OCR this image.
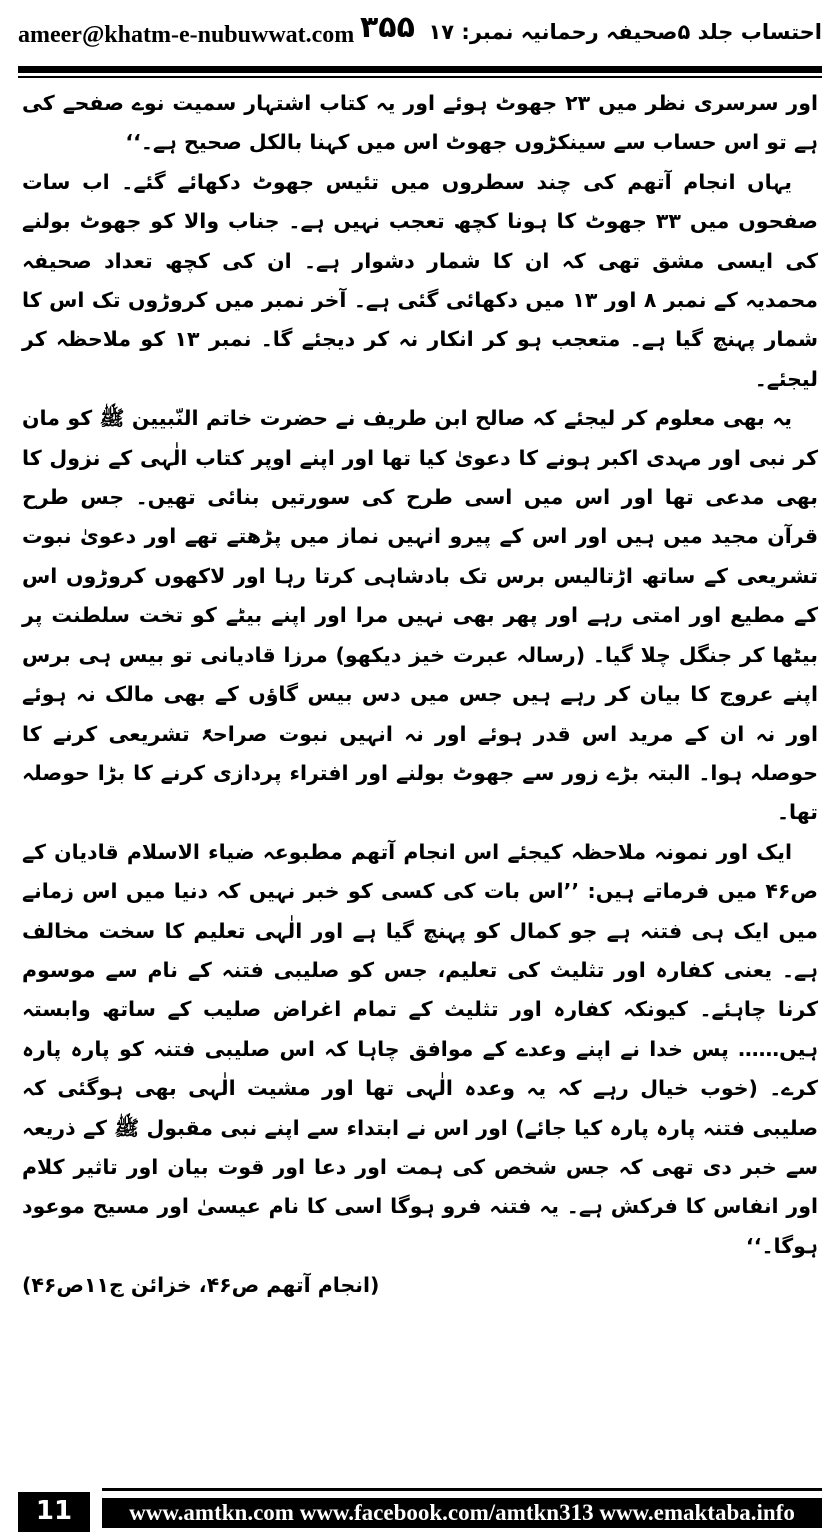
ameer@khatm-e-nubuwwat.com ۳۵۵ احتساب جلد ۵صحیفہ رحمانیہ نمبر: ۱۷

اور سرسری نظر میں ۲۳ جھوٹ ہوئے اور یہ کتاب اشتہار سمیت نوے صفحے کی ہے تو اس حساب سے سینکڑوں جھوٹ اس میں کہنا بالکل صحیح ہے۔‘‘

یہاں انجام آتھم کی چند سطروں میں تئیس جھوٹ دکھائے گئے۔ اب سات صفحوں میں ۳۳ جھوٹ کا ہونا کچھ تعجب نہیں ہے۔ جناب والا کو جھوٹ بولنے کی ایسی مشق تھی کہ ان کا شمار دشوار ہے۔ ان کی کچھ تعداد صحیفہ محمدیہ کے نمبر ۸ اور ۱۳ میں دکھائی گئی ہے۔ آخر نمبر میں کروڑوں تک اس کا شمار پہنچ گیا ہے۔ متعجب ہو کر انکار نہ کر دیجئے گا۔ نمبر ۱۳ کو ملاحظہ کر لیجئے۔

یہ بھی معلوم کر لیجئے کہ صالح ابن طریف نے حضرت خاتم النّبیین ﷺ کو مان کر نبی اور مہدی اکبر ہونے کا دعویٰ کیا تھا اور اپنے اوپر کتاب الٰہی کے نزول کا بھی مدعی تھا اور اس میں اسی طرح کی سورتیں بنائی تھیں۔ جس طرح قرآن مجید میں ہیں اور اس کے پیرو انہیں نماز میں پڑھتے تھے اور دعویٰ نبوت تشریعی کے ساتھ اڑتالیس برس تک بادشاہی کرتا رہا اور لاکھوں کروڑوں اس کے مطیع اور امتی رہے اور پھر بھی نہیں مرا اور اپنے بیٹے کو تخت سلطنت پر بیٹھا کر جنگل چلا گیا۔ (رسالہ عبرت خیز دیکھو) مرزا قادیانی تو بیس ہی برس اپنے عروج کا بیان کر رہے ہیں جس میں دس بیس گاؤں کے بھی مالک نہ ہوئے اور نہ ان کے مرید اس قدر ہوئے اور نہ انہیں نبوت صراحۃً تشریعی کرنے کا حوصلہ ہوا۔ البتہ بڑے زور سے جھوٹ بولنے اور افتراء پردازی کرنے کا بڑا حوصلہ تھا۔

ایک اور نمونہ ملاحظہ کیجئے اس انجام آتھم مطبوعہ ضیاء الاسلام قادیان کے ص۴۶ میں فرماتے ہیں: ’’اس بات کی کسی کو خبر نہیں کہ دنیا میں اس زمانے میں ایک ہی فتنہ ہے جو کمال کو پہنچ گیا ہے اور الٰہی تعلیم کا سخت مخالف ہے۔ یعنی کفارہ اور تثلیث کی تعلیم، جس کو صلیبی فتنہ کے نام سے موسوم کرنا چاہئے۔ کیونکہ کفارہ اور تثلیث کے تمام اغراض صلیب کے ساتھ وابستہ ہیں…… پس خدا نے اپنے وعدے کے موافق چاہا کہ اس صلیبی فتنہ کو پارہ پارہ کرے۔ (خوب خیال رہے کہ یہ وعدہ الٰہی تھا اور مشیت الٰہی بھی ہوگئی کہ صلیبی فتنہ پارہ پارہ کیا جائے) اور اس نے ابتداء سے اپنے نبی مقبول ﷺ کے ذریعہ سے خبر دی تھی کہ جس شخص کی ہمت اور دعا اور قوت بیان اور تاثیر کلام اور انفاس کا فرکش ہے۔ یہ فتنہ فرو ہوگا اسی کا نام عیسیٰ اور مسیح موعود ہوگا۔‘‘

(انجام آتھم ص۴۶، خزائن ج۱۱ص۴۶)

11	www.amtkn.com www.facebook.com/amtkn313 www.emaktaba.info
